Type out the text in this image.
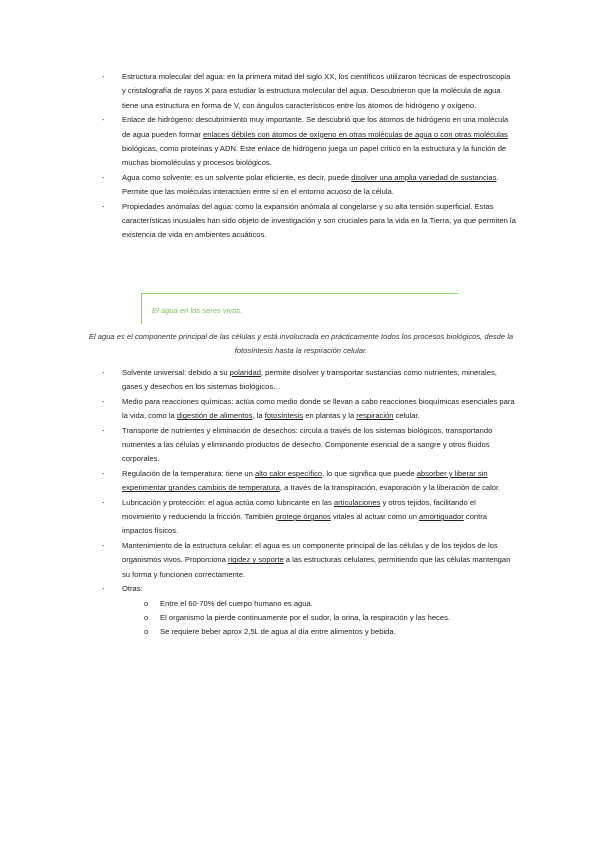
- Estructura molecular del agua: en la primera mitad del siglo XX, los científicos utilizaron técnicas de espectroscopia y cristalografía de rayos X para estudiar la estructura molecular del agua. Descubrieron que la molécula de agua tiene una estructura en forma de V, con ángulos característicos entre los átomos de hidrógeno y oxígeno.
- Enlace de hidrógeno: descubrimiento muy importante. Se descubrió que los átomos de hidrógeno en una molécula de agua pueden formar enlaces débiles con átomos de oxígeno en otras moléculas de agua o con otras moléculas biológicas, como proteínas y ADN. Este enlace de hidrógeno juega un papel crítico en la estructura y la función de muchas biomoléculas y procesos biológicos.
- Agua como solvente: es un solvente polar eficiente, es decir, puede disolver una amplia variedad de sustancias. Permite que las moléculas interactúen entre sí en el entorno acuoso de la célula.
- Propiedades anómalas del agua: como la expansión anómala al congelarse y su alta tensión superficial. Estas características inusuales han sido objeto de investigación y son cruciales para la vida en la Tierra, ya que permiten la existencia de vida en ambientes acuáticos.
El agua en los seres vivos.
El agua es el componente principal de las células y está involucrada en prácticamente todos los procesos biológicos, desde la fotosíntesis hasta la respiración celular.
- Solvente universal: debido a su polaridad, permite disolver y transportar sustancias como nutrientes, minerales, gases y desechos en los sistemas biológicos…
- Medio para reacciones químicas: actúa como medio donde se llevan a cabo reacciones bioquímicas esenciales para la vida, como la digestión de alimentos, la fotosíntesis en plantas y la respiración celular.
- Transporte de nutrientes y eliminación de desechos: circula a través de los sistemas biológicos, transportando nutrientes a las células y eliminando productos de desecho. Componente esencial de a sangre y otros fluidos corporales.
- Regulación de la temperatura: tiene un alto calor específico, lo que significa que puede absorber y liberar sin experimentar grandes cambios de temperatura, a través de la transpiración, evaporación y la liberación de calor.
- Lubricación y protección: el agua actúa como lubricante en las articulaciones y otros tejidos, facilitando el movimiento y reduciendo la fricción. También protege órganos vitales al actuar como un amortiguador contra impactos físicos.
- Mantenimiento de la estructura celular: el agua es un componente principal de las células y de los tejidos de los organismos vivos. Proporciona rigidez y soporte a las estructuras celulares, permitiendo que las células mantengan su forma y funcionen correctamente.
- Otras:
o Entre el 60-70% del cuerpo humano es agua.
o El organismo la pierde continuamente por el sudor, la orina, la respiración y las heces.
o Se requiere beber aprox 2,5L de agua al día entre alimentos y bebida.
